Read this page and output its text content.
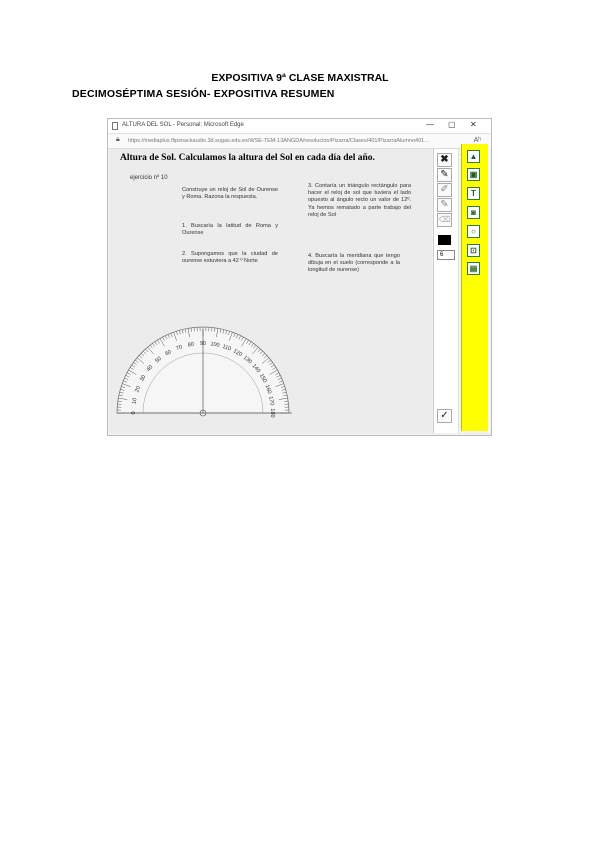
EXPOSITIVA 9ª CLASE MAXISTRAL
DECIMOSÉPTIMA SESIÓN- EXPOSITIVA RESUMEN
ALTURA DEL SOL - Personal: Microsoft Edge	— ▢ ✕
🔒︎ https://mediaplus.flipsnackaudio.3d.sugas.edu.es/WSE-TEM-13ANGDA/resolucion/Pizarra/Clases/401/PizarraAlumno401...	Aʰ
Altura de Sol. Calculamos la altura del Sol en cada día del año.
ejercicio nº 10
Construye un reloj de Sol de Ourense y Roma. Razona la respuesta.
1. Buscaría la latitud de Roma y Ourense
2. Supongamos que la ciudad de ourense estuviera a 42 º Norte
3. Contaría un triángulo rectángulo para hacer el reloj de sol que tuviera el lado opuesto al ángulo recto un valor de 12º. Ya hemos rematado a parte trabajo del reloj de Sol
4. Buscaría la meridiana que tengo dibuja en el suelo (corresponde a la longitud de ourense)
0
10
20
30
40
50
60
70 80 90 100 110
120
130
140
150
160
170
180
✖
✎
✐
✎
⌫
6
✓
▲
▣
T
◙
○
⊡
▤
